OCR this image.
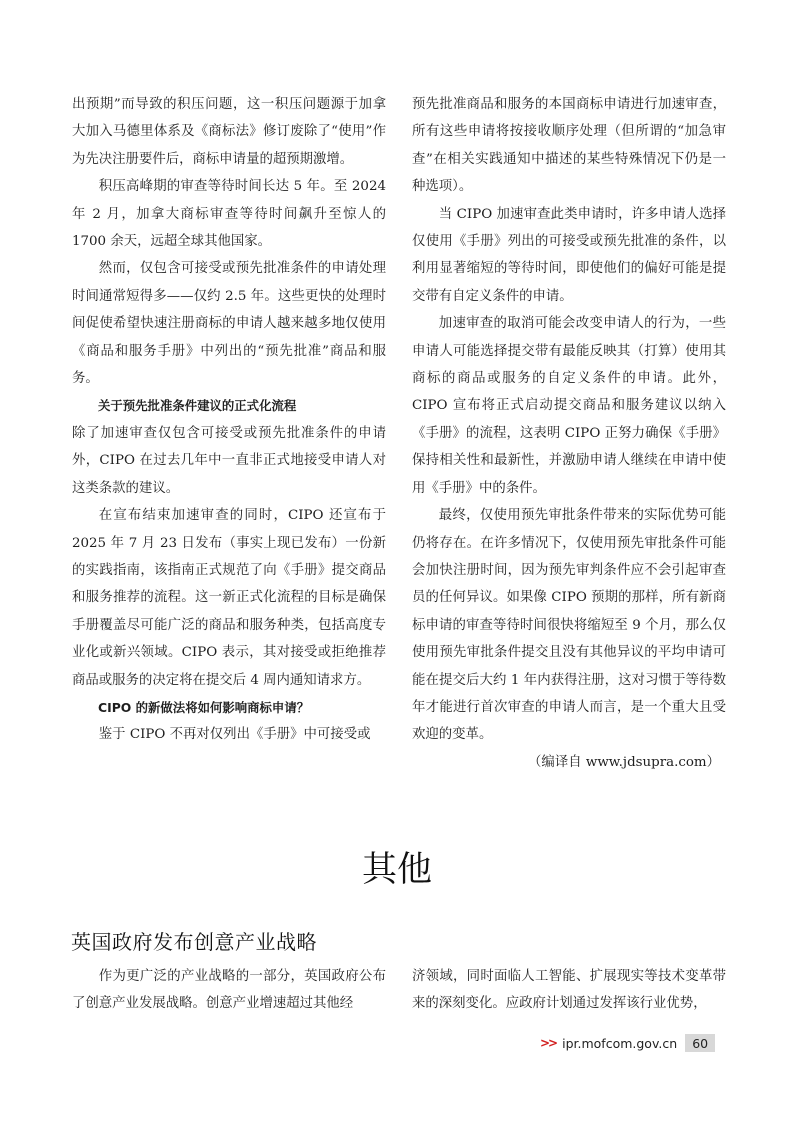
出预期”而导致的积压问题，这一积压问题源于加拿大加入马德里体系及《商标法》修订废除了“使用”作为先决注册要件后，商标申请量的超预期激增。

积压高峰期的审查等待时间长达 5 年。至 2024 年 2 月，加拿大商标审查等待时间飙升至惊人的 1700 余天，远超全球其他国家。

然而，仅包含可接受或预先批准条件的申请处理时间通常短得多——仅约 2.5 年。这些更快的处理时间促使希望快速注册商标的申请人越来越多地仅使用《商品和服务手册》中列出的“预先批准”商品和服务。

关于预先批准条件建议的正式化流程

除了加速审查仅包含可接受或预先批准条件的申请外，CIPO 在过去几年中一直非正式地接受申请人对这类条款的建议。

在宣布结束加速审查的同时，CIPO 还宣布于 2025 年 7 月 23 日发布（事实上现已发布）一份新的实践指南，该指南正式规范了向《手册》提交商品和服务推荐的流程。这一新正式化流程的目标是确保手册覆盖尽可能广泛的商品和服务种类，包括高度专业化或新兴领域。CIPO 表示，其对接受或拒绝推荐商品或服务的决定将在提交后 4 周内通知请求方。

CIPO 的新做法将如何影响商标申请？

鉴于 CIPO 不再对仅列出《手册》中可接受或

预先批准商品和服务的本国商标申请进行加速审查，所有这些申请将按接收顺序处理（但所谓的“加急审查”在相关实践通知中描述的某些特殊情况下仍是一种选项）。

当 CIPO 加速审查此类申请时，许多申请人选择仅使用《手册》列出的可接受或预先批准的条件，以利用显著缩短的等待时间，即使他们的偏好可能是提交带有自定义条件的申请。

加速审查的取消可能会改变申请人的行为，一些申请人可能选择提交带有最能反映其（打算）使用其商标的商品或服务的自定义条件的申请。此外，CIPO 宣布将正式启动提交商品和服务建议以纳入《手册》的流程，这表明 CIPO 正努力确保《手册》保持相关性和最新性，并激励申请人继续在申请中使用《手册》中的条件。

最终，仅使用预先审批条件带来的实际优势可能仍将存在。在许多情况下，仅使用预先审批条件可能会加快注册时间，因为预先审判条件应不会引起审查员的任何异议。如果像 CIPO 预期的那样，所有新商标申请的审查等待时间很快将缩短至 9 个月，那么仅使用预先审批条件提交且没有其他异议的平均申请可能在提交后大约 1 年内获得注册，这对习惯于等待数年才能进行首次审查的申请人而言，是一个重大且受欢迎的变革。

（编译自 www.jdsupra.com）

其他
英国政府发布创意产业战略

作为更广泛的产业战略的一部分，英国政府公布了创意产业发展战略。创意产业增速超过其他经

济领域，同时面临人工智能、扩展现实等技术变革带来的深刻变化。应政府计划通过发挥该行业优势，

>> ipr.mofcom.gov.cn	60
